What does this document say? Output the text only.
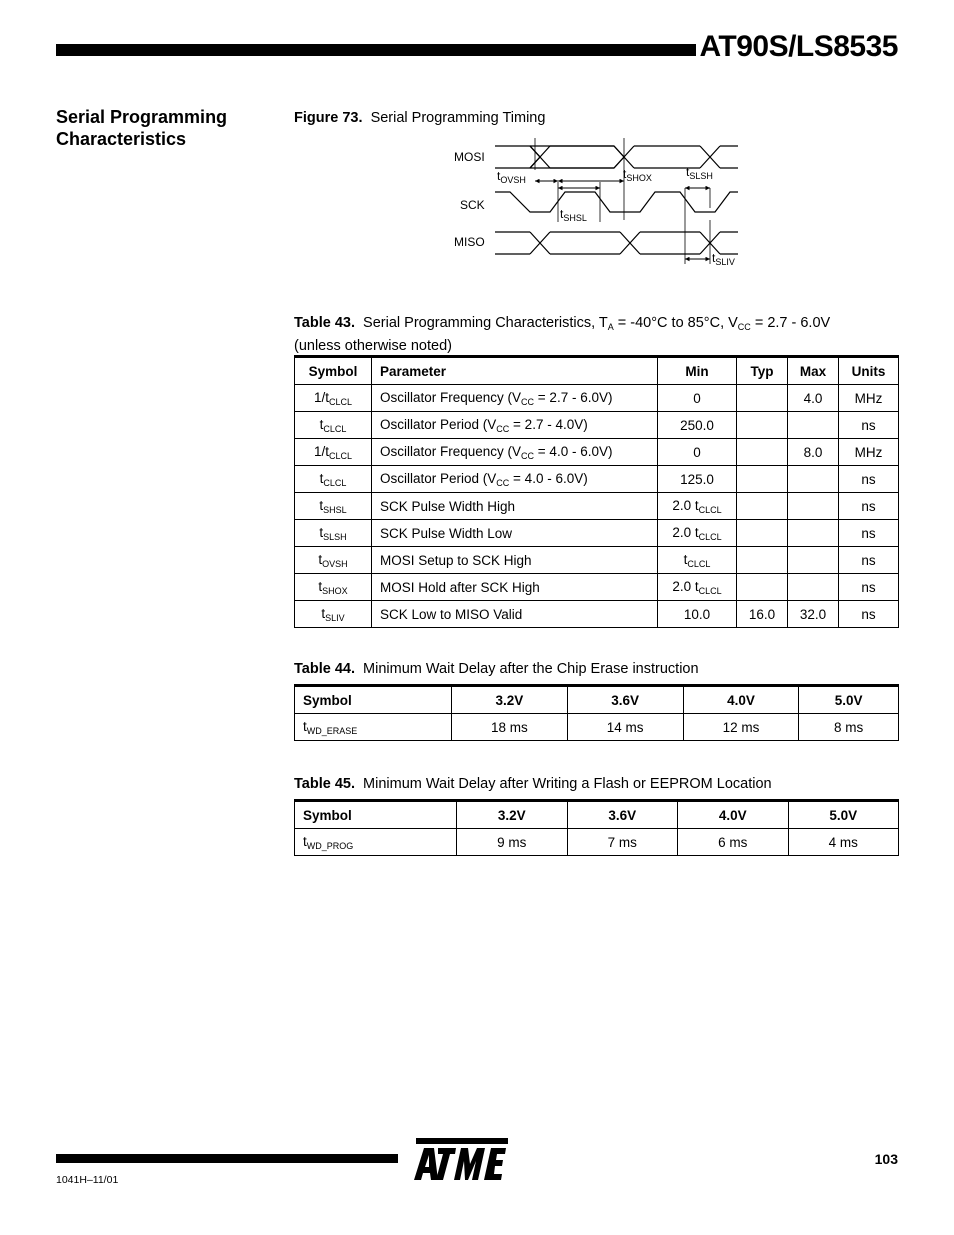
AT90S/LS8535
Serial Programming Characteristics
Figure 73. Serial Programming Timing
MOSI
SCK
MISO
$t_{OVSH}$	$t_{SHOX}$	$t_{SLSH}$
$t_{SHSL}$
$t_{SLIV}$
Table 43. Serial Programming Characteristics, $T_A = -40^\circ C$ to 85°C, $V_{CC} = 2.7 - 6.0V$
(unless otherwise noted)
Symbol	Parameter	Min	Typ	Max	Units
$1/t_{CLCL}$	Oscillator Frequency $(V_{CC} = 2.7 - 6.0V)$	0		4.0	MHz
$t_{CLCL}$	Oscillator Period $(V_{CC} = 2.7 - 4.0V)$	250.0			ns
$1/t_{CLCL}$	Oscillator Frequency $(V_{CC} = 4.0 - 6.0V)$	0		8.0	MHz
$t_{CLCL}$	Oscillator Period $(V_{CC} = 4.0 - 6.0V)$	125.0			ns
$t_{SHSL}$	SCK Pulse Width High	2.0 $t_{CLCL}$			ns
$t_{SLSH}$	SCK Pulse Width Low	2.0 $t_{CLCL}$			ns
$t_{OVSH}$	MOSI Setup to SCK High	$t_{CLCL}$			ns
$t_{SHOX}$	MOSI Hold after SCK High	2.0 $t_{CLCL}$			ns
$t_{SLIV}$	SCK Low to MISO Valid	10.0	16.0	32.0	ns
Table 44. Minimum Wait Delay after the Chip Erase instruction
Symbol	3.2V	3.6V	4.0V	5.0V
$t_{WD\_ERASE}$	18 ms	14 ms	12 ms	8 ms
Table 45. Minimum Wait Delay after Writing a Flash or EEPROM Location
Symbol	3.2V	3.6V	4.0V	5.0V
$t_{WD\_PROG}$	9 ms	7 ms	6 ms	4 ms
103
1041H–11/01
